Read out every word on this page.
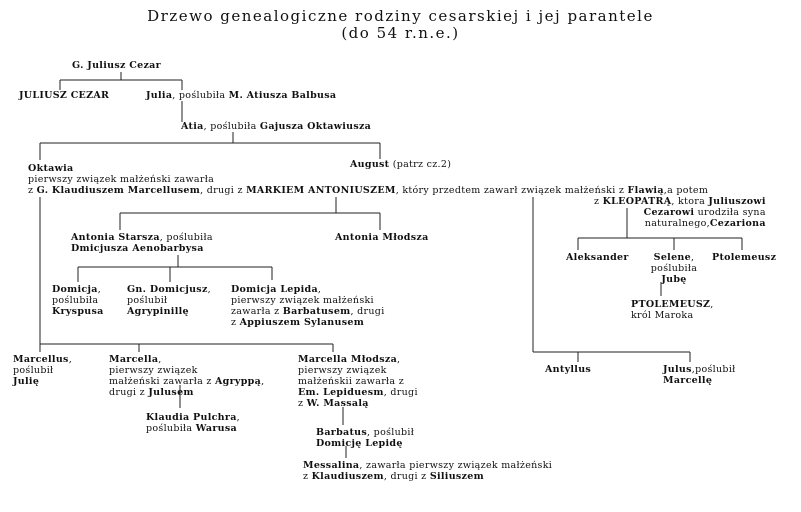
Drzewo genealogiczne rodziny cesarskiej i jej parantele
(do 54 r.n.e.)
G. Juliusz Cezar
JULIUSZ CEZAR	Julia, poślubiła M. Atiusza Balbusa
Atia, poślubiła Gajusza Oktawiusza
Oktawia
pierwszy związek małżeński zawarła
z G. Klaudiuszem Marcellusem, drugi z MARKIEM ANTONIUSZEM, który przedtem zawarł związek małżeński z Flawią,a potem
August (patrz cz.2)
z KLEOPATRĄ, ktora Juliuszowi
Cezarowi urodziła syna
naturalnego,Cezariona
Antonia Starsza, poślubiła
Dmicjusza Aenobarbysa
Antonia Młodsza
Aleksander	Selene,
poślubiła
Jubę
Ptolemeusz
PTOLEMEUSZ,
król Maroka
Domicja,
poślubiła
Kryspusa
Gn. Domicjusz,
poślubił
Agrypinillę
Domicja Lepida,
pierwszy związek małżeński
zawarła z Barbatusem, drugi
z Appiuszem Sylanusem
Marcellus,
poślubił
Julię
Marcella,
pierwszy związek
małżeński zawarła z Agryppą,
drugi z Julusem
Marcella Młodsza,
pierwszy związek
małżeńskii zawarła z
Em. Lepiduesm, drugi
z W. Massalą
Antyllus	Julus,poślubił
Marcellę
Klaudia Pulchra,
poślubiła Warusa	Barbatus, poślubił
Domicję Lepidę
Messalina, zawarła pierwszy związek małżeński
z Klaudiuszem, drugi z Siliuszem
